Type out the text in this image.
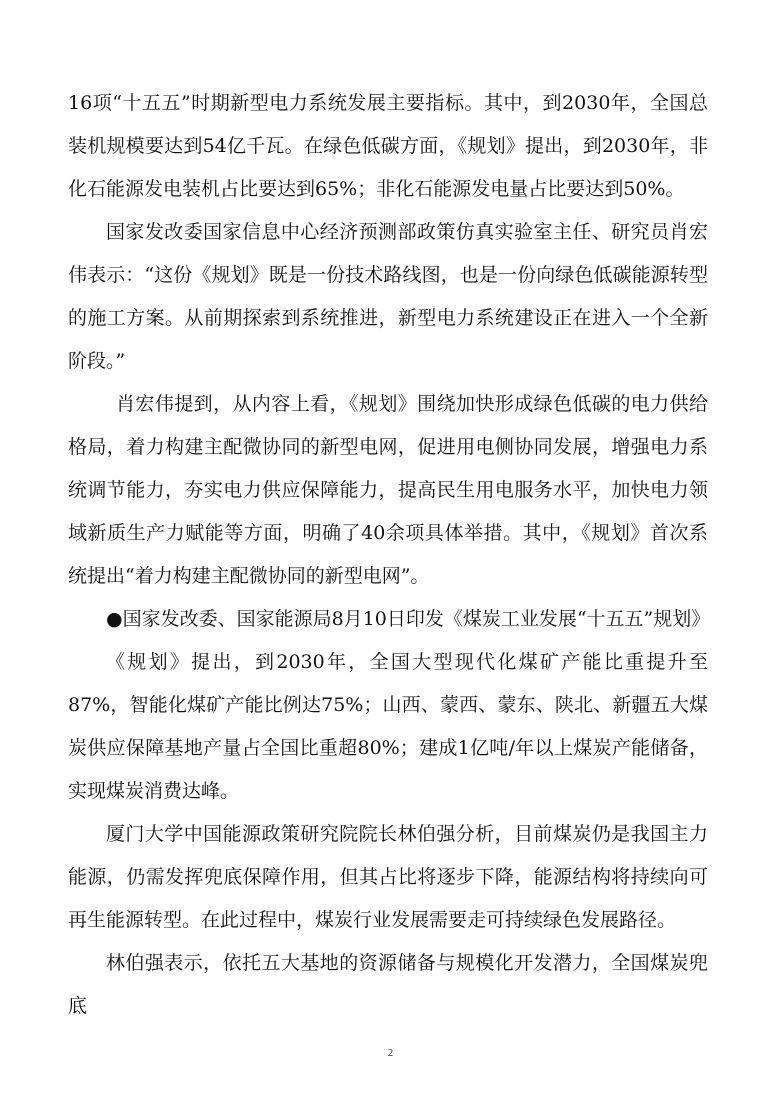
16项“十五五”时期新型电力系统发展主要指标。其中，到2030年，全国总装机规模要达到54亿千瓦。在绿色低碳方面，《规划》提出，到2030年，非化石能源发电装机占比要达到65%；非化石能源发电量占比要达到50%。

国家发改委国家信息中心经济预测部政策仿真实验室主任、研究员肖宏伟表示：“这份《规划》既是一份技术路线图，也是一份向绿色低碳能源转型的施工方案。从前期探索到系统推进，新型电力系统建设正在进入一个全新阶段。”

肖宏伟提到，从内容上看，《规划》围绕加快形成绿色低碳的电力供给格局，着力构建主配微协同的新型电网，促进用电侧协同发展，增强电力系统调节能力，夯实电力供应保障能力，提高民生用电服务水平，加快电力领域新质生产力赋能等方面，明确了40余项具体举措。其中，《规划》首次系统提出“着力构建主配微协同的新型电网”。

●国家发改委、国家能源局8月10日印发《煤炭工业发展“十五五”规划》

《规划》提出，到2030年，全国大型现代化煤矿产能比重提升至87%，智能化煤矿产能比例达75%；山西、蒙西、蒙东、陕北、新疆五大煤炭供应保障基地产量占全国比重超80%；建成1亿吨/年以上煤炭产能储备，实现煤炭消费达峰。

厦门大学中国能源政策研究院院长林伯强分析，目前煤炭仍是我国主力能源，仍需发挥兜底保障作用，但其占比将逐步下降，能源结构将持续向可再生能源转型。在此过程中，煤炭行业发展需要走可持续绿色发展路径。

林伯强表示，依托五大基地的资源储备与规模化开发潜力，全国煤炭兜底

2
